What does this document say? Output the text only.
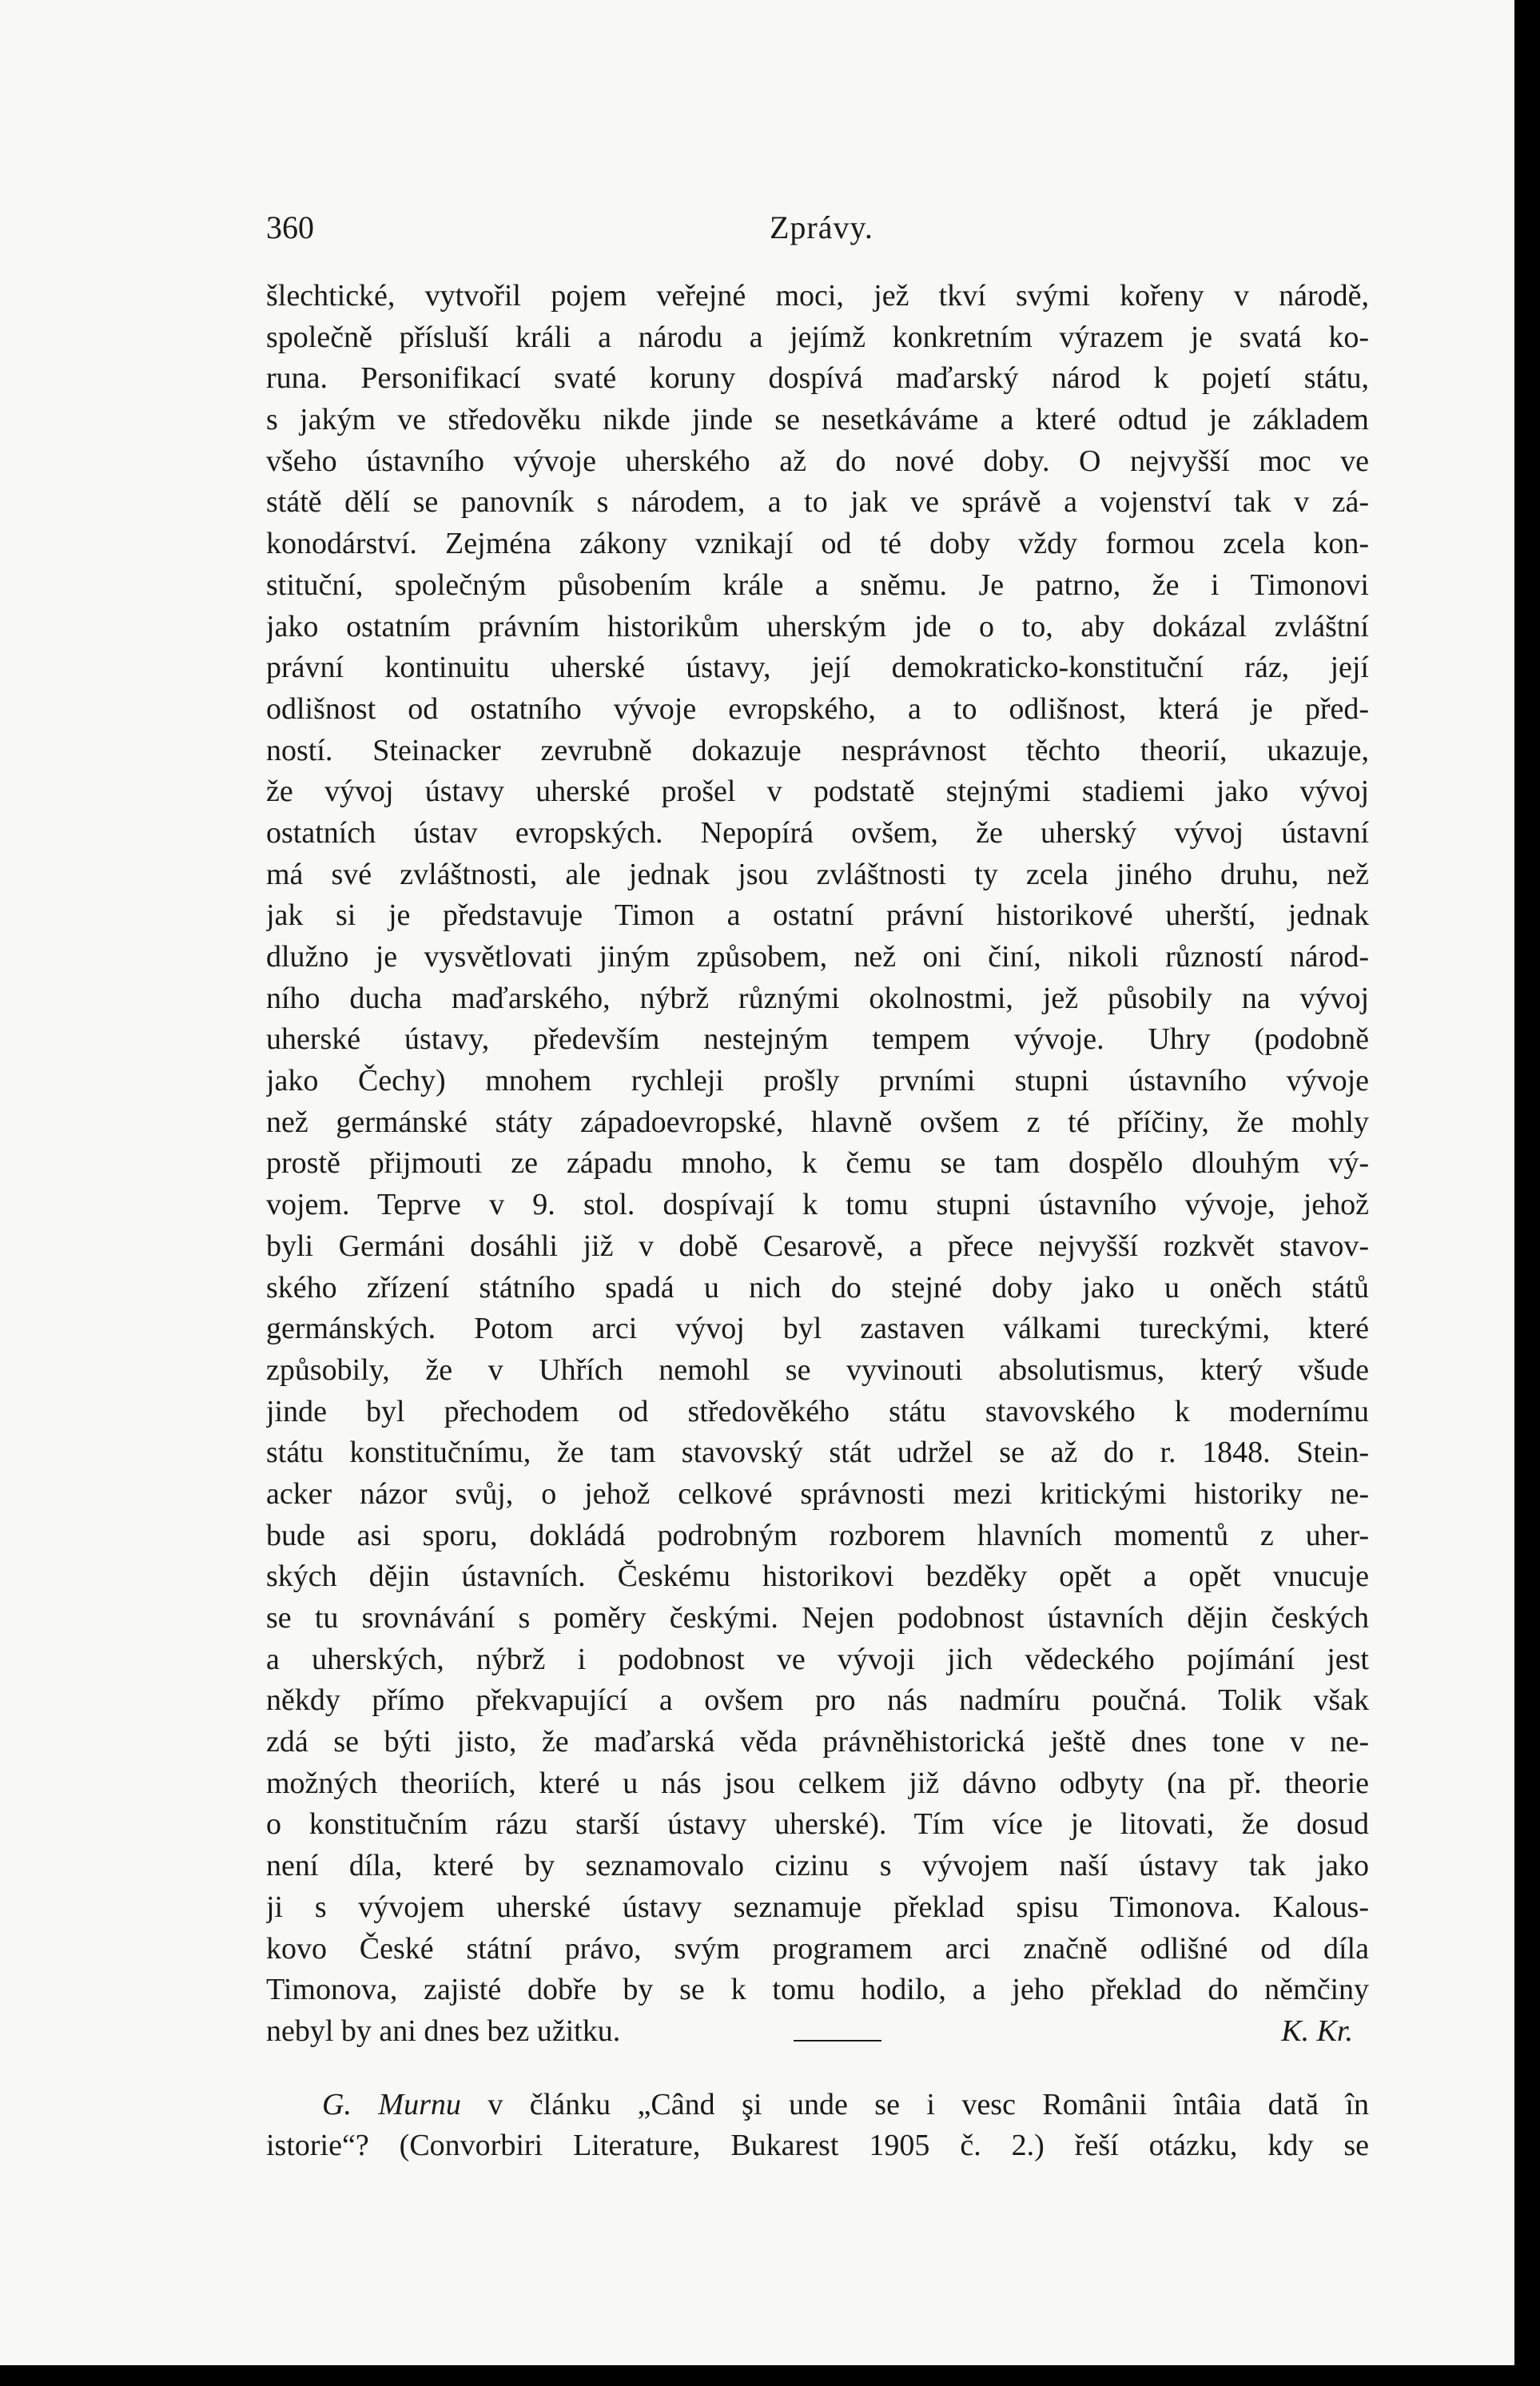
360	Zprávy.
šlechtické, vytvořil pojem veřejné moci, jež tkví svými kořeny v národě,
společně přísluší králi a národu a jejímž konkretním výrazem je svatá ko-
runa. Personifikací svaté koruny dospívá maďarský národ k pojetí státu,
s jakým ve středověku nikde jinde se nesetkáváme a které odtud je základem
všeho ústavního vývoje uherského až do nové doby. O nejvyšší moc ve
státě dělí se panovník s národem, a to jak ve správě a vojenství tak v zá-
konodárství. Zejména zákony vznikají od té doby vždy formou zcela kon-
stituční, společným působením krále a sněmu. Je patrno, že i Timonovi
jako ostatním právním historikům uherským jde o to, aby dokázal zvláštní
právní kontinuitu uherské ústavy, její demokraticko-konstituční ráz, její
odlišnost od ostatního vývoje evropského, a to odlišnost, která je před-
ností. Steinacker zevrubně dokazuje nesprávnost těchto theorií, ukazuje,
že vývoj ústavy uherské prošel v podstatě stejnými stadiemi jako vývoj
ostatních ústav evropských. Nepopírá ovšem, že uherský vývoj ústavní
má své zvláštnosti, ale jednak jsou zvláštnosti ty zcela jiného druhu, než
jak si je představuje Timon a ostatní právní historikové uherští, jednak
dlužno je vysvětlovati jiným způsobem, než oni činí, nikoli růzností národ-
ního ducha maďarského, nýbrž různými okolnostmi, jež působily na vývoj
uherské ústavy, především nestejným tempem vývoje. Uhry (podobně
jako Čechy) mnohem rychleji prošly prvními stupni ústavního vývoje
než germánské státy západoevropské, hlavně ovšem z té příčiny, že mohly
prostě přijmouti ze západu mnoho, k čemu se tam dospělo dlouhým vý-
vojem. Teprve v 9. stol. dospívají k tomu stupni ústavního vývoje, jehož
byli Germáni dosáhli již v době Cesarově, a přece nejvyšší rozkvět stavov-
ského zřízení státního spadá u nich do stejné doby jako u oněch států
germánských. Potom arci vývoj byl zastaven válkami tureckými, které
způsobily, že v Uhřích nemohl se vyvinouti absolutismus, který všude
jinde byl přechodem od středověkého státu stavovského k modernímu
státu konstitučnímu, že tam stavovský stát udržel se až do r. 1848. Stein-
acker názor svůj, o jehož celkové správnosti mezi kritickými historiky ne-
bude asi sporu, dokládá podrobným rozborem hlavních momentů z uher-
ských dějin ústavních. Českému historikovi bezděky opět a opět vnucuje
se tu srovnávání s poměry českými. Nejen podobnost ústavních dějin českých
a uherských, nýbrž i podobnost ve vývoji jich vědeckého pojímání jest
někdy přímo překvapující a ovšem pro nás nadmíru poučná. Tolik však
zdá se býti jisto, že maďarská věda právněhistorická ještě dnes tone v ne-
možných theoriích, které u nás jsou celkem již dávno odbyty (na př. theorie
o konstitučním rázu starší ústavy uherské). Tím více je litovati, že dosud
není díla, které by seznamovalo cizinu s vývojem naší ústavy tak jako
ji s vývojem uherské ústavy seznamuje překlad spisu Timonova. Kalous-
kovo České státní právo, svým programem arci značně odlišné od díla
Timonova, zajisté dobře by se k tomu hodilo, a jeho překlad do němčiny
nebyl by ani dnes bez užitku.	K. Kr.
G. Murnu v článku „Când şi unde se i vesc Românii întâia dată în
istorie“? (Convorbiri Literature, Bukarest 1905 č. 2.) řeší otázku, kdy se
